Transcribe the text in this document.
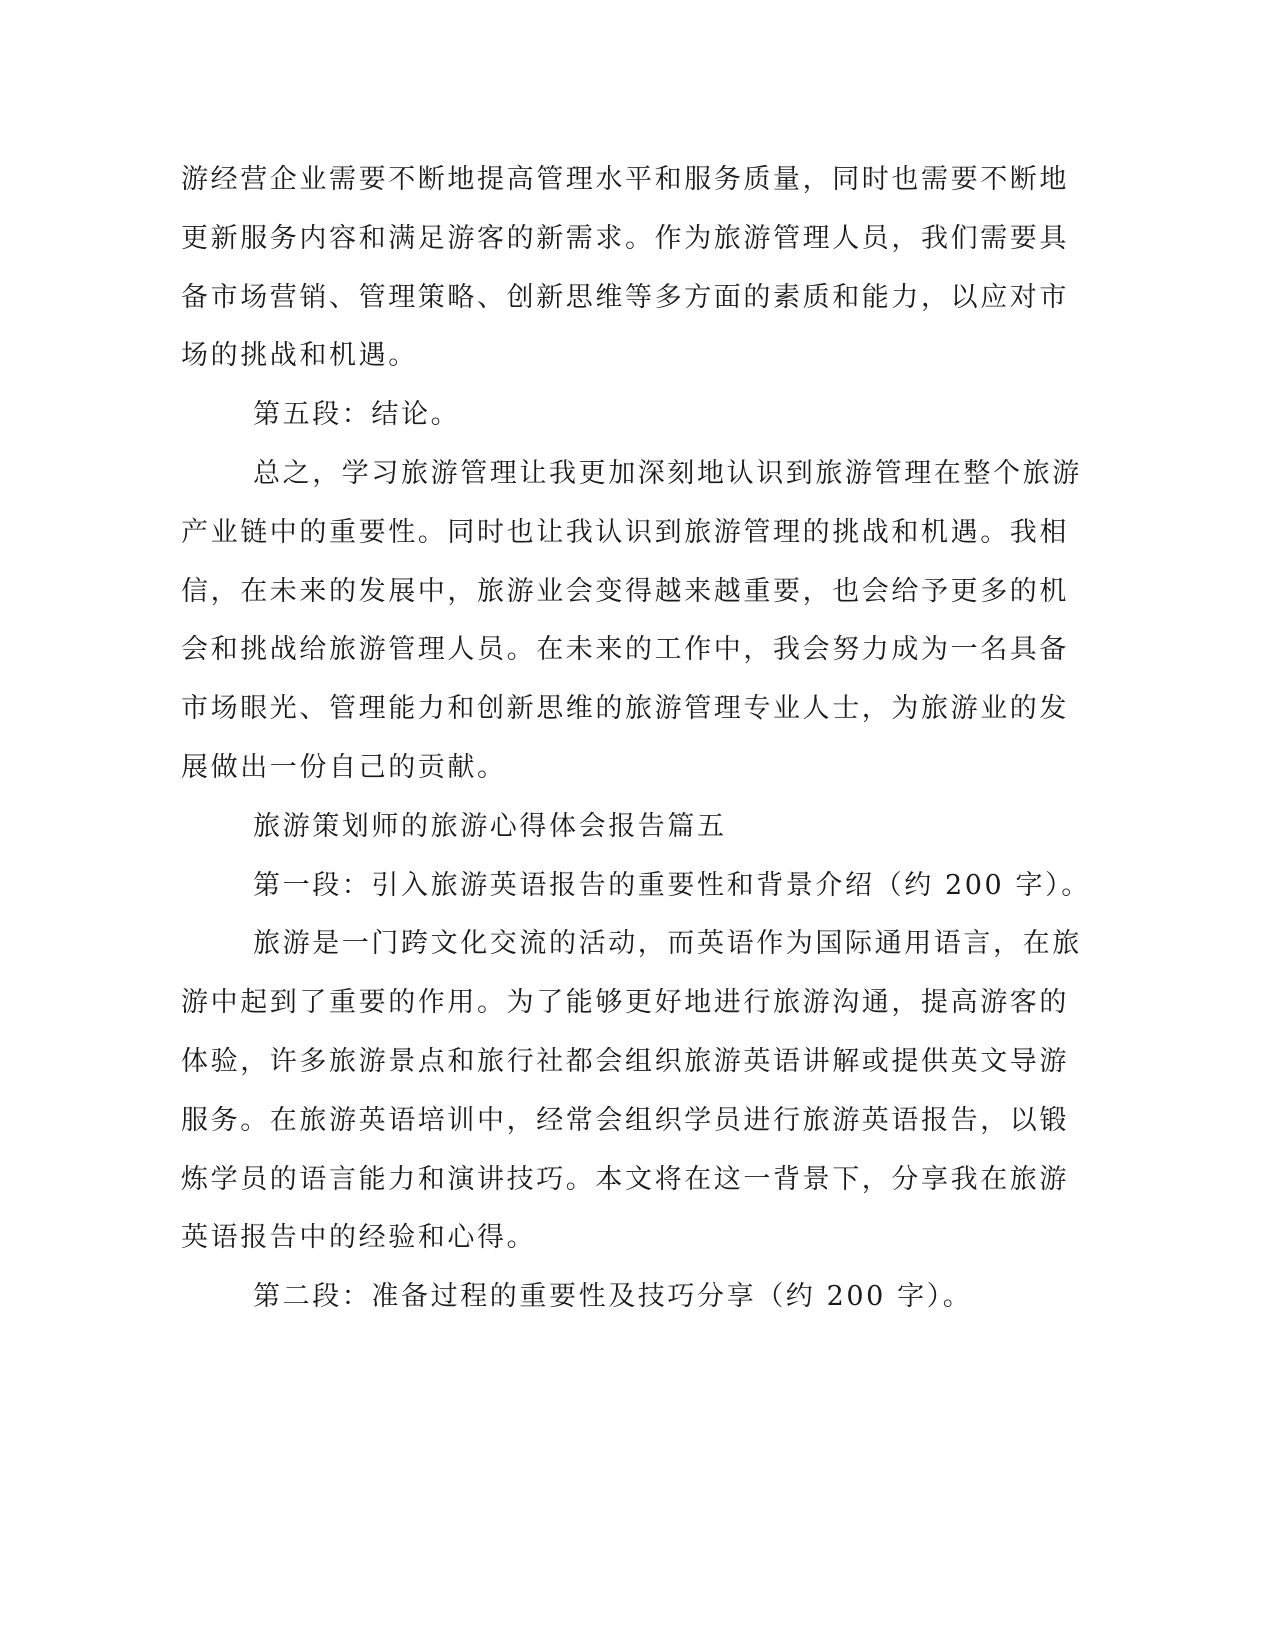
游经营企业需要不断地提高管理水平和服务质量，同时也需要不断地

更新服务内容和满足游客的新需求。作为旅游管理人员，我们需要具

备市场营销、管理策略、创新思维等多方面的素质和能力，以应对市

场的挑战和机遇。

第五段：结论。

总之，学习旅游管理让我更加深刻地认识到旅游管理在整个旅游

产业链中的重要性。同时也让我认识到旅游管理的挑战和机遇。我相

信，在未来的发展中，旅游业会变得越来越重要，也会给予更多的机

会和挑战给旅游管理人员。在未来的工作中，我会努力成为一名具备

市场眼光、管理能力和创新思维的旅游管理专业人士，为旅游业的发

展做出一份自己的贡献。

旅游策划师的旅游心得体会报告篇五

第一段：引入旅游英语报告的重要性和背景介绍（约 200 字）。

旅游是一门跨文化交流的活动，而英语作为国际通用语言，在旅

游中起到了重要的作用。为了能够更好地进行旅游沟通，提高游客的

体验，许多旅游景点和旅行社都会组织旅游英语讲解或提供英文导游

服务。在旅游英语培训中，经常会组织学员进行旅游英语报告，以锻

炼学员的语言能力和演讲技巧。本文将在这一背景下，分享我在旅游

英语报告中的经验和心得。

第二段：准备过程的重要性及技巧分享（约 200 字）。
